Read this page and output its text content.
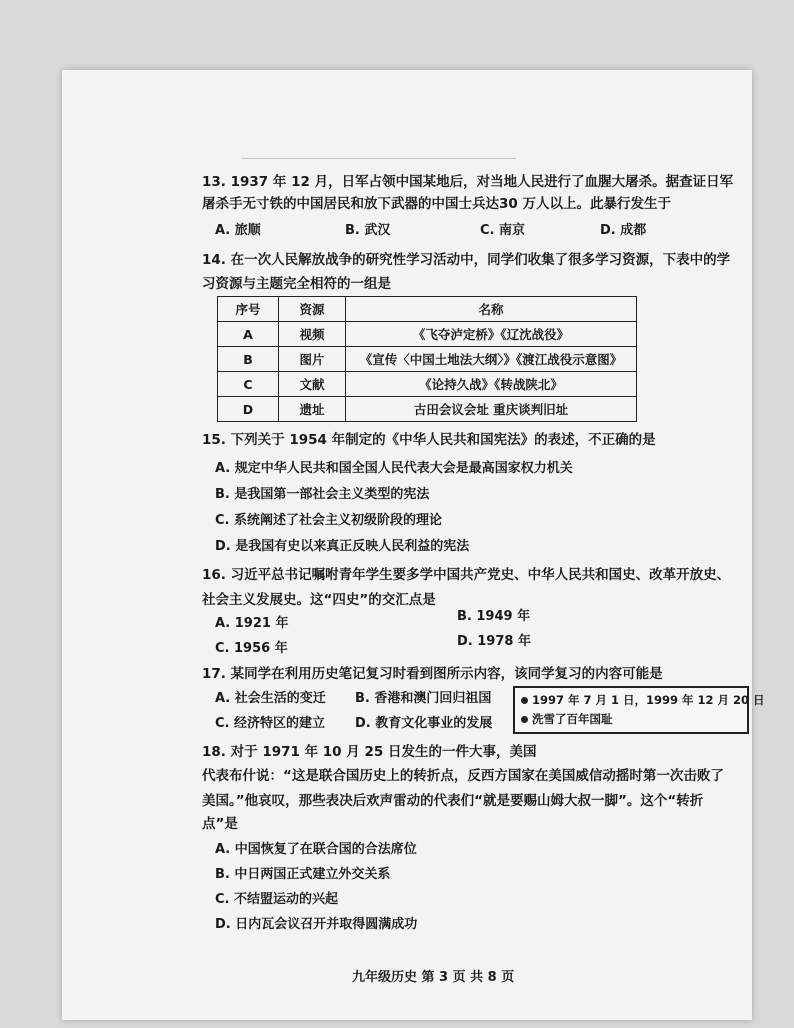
───────────────────────────────────
13. 1937 年 12 月，日军占领中国某地后，对当地人民进行了血腥大屠杀。据查证日军
屠杀手无寸铁的中国居民和放下武器的中国士兵达30 万人以上。此暴行发生于
A. 旅顺	B. 武汉	C. 南京	D. 成都
14. 在一次人民解放战争的研究性学习活动中，同学们收集了很多学习资源，下表中的学
习资源与主题完全相符的一组是
序号	资源	名称
A	视频	《飞夺泸定桥》《辽沈战役》
B	图片	《宣传〈中国土地法大纲〉》《渡江战役示意图》
C	文献	《论持久战》《转战陕北》
D	遗址	古田会议会址 重庆谈判旧址
15. 下列关于 1954 年制定的《中华人民共和国宪法》的表述，不正确的是
A. 规定中华人民共和国全国人民代表大会是最高国家权力机关
B. 是我国第一部社会主义类型的宪法
C. 系统阐述了社会主义初级阶段的理论
D. 是我国有史以来真正反映人民利益的宪法
16. 习近平总书记嘱咐青年学生要多学中国共产党史、中华人民共和国史、改革开放史、
社会主义发展史。这“四史”的交汇点是
A. 1921 年	B. 1949 年
C. 1956 年	D. 1978 年
17. 某同学在利用历史笔记复习时看到图所示内容，该同学复习的内容可能是
A. 社会生活的变迁 B. 香港和澳门回归祖国
C. 经济特区的建立 D. 教育文化事业的发展
1997 年 7 月 1 日，1999 年 12 月 20 日
洗雪了百年国耻
18. 对于 1971 年 10 月 25 日发生的一件大事，美国
代表布什说：“这是联合国历史上的转折点，反西方国家在美国威信动摇时第一次击败了
美国。”他哀叹，那些表决后欢声雷动的代表们“就是要赐山姆大叔一脚”。这个“转折
点”是
A. 中国恢复了在联合国的合法席位
B. 中日两国正式建立外交关系
C. 不结盟运动的兴起
D. 日内瓦会议召开并取得圆满成功
九年级历史 第 3 页 共 8 页
